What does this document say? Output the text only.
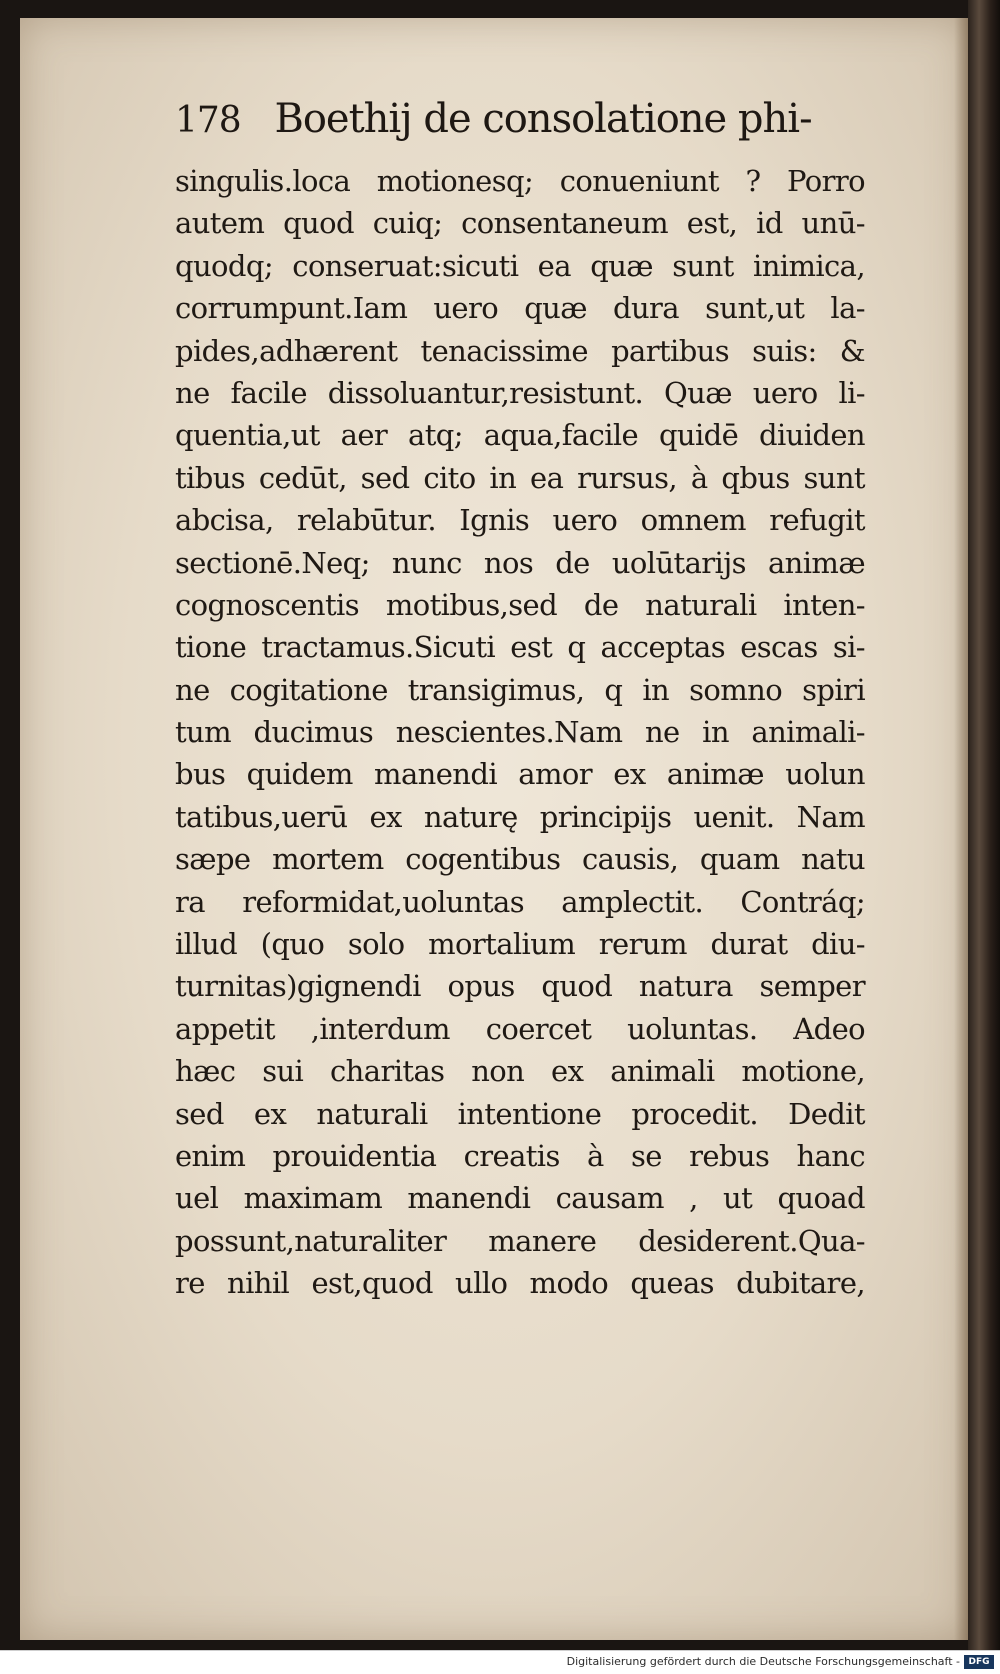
178 Boethij de consolatione phi-
singulis.loca motionesq; conueniunt ? Porro
autem quod cuiq; consentaneum est, id unū-
quodq; conseruat:sicuti ea quæ sunt inimica,
corrumpunt.Iam uero quæ dura sunt,ut la-
pides,adhærent tenacissime partibus suis: &
ne facile dissoluantur,resistunt. Quæ uero li-
quentia,ut aer atq; aqua,facile quidē diuiden
tibus cedūt, sed cito in ea rursus, à qbus sunt
abcisa, relabūtur. Ignis uero omnem refugit
sectionē.Neq; nunc nos de uolūtarijs animæ
cognoscentis motibus,sed de naturali inten-
tione tractamus.Sicuti est q acceptas escas si-
ne cogitatione transigimus, q in somno spiri
tum ducimus nescientes.Nam ne in animali-
bus quidem manendi amor ex animæ uolun
tatibus,uerū ex naturę principijs uenit. Nam
sæpe mortem cogentibus causis, quam natu
ra reformidat,uoluntas amplectit. Contráq;
illud (quo solo mortalium rerum durat diu-
turnitas)gignendi opus quod natura semper
appetit ,interdum coercet uoluntas. Adeo
hæc sui charitas non ex animali motione,
sed ex naturali intentione procedit. Dedit
enim prouidentia creatis à se rebus hanc
uel maximam manendi causam , ut quoad
possunt,naturaliter manere desiderent.Qua-
re nihil est,quod ullo modo queas dubitare,
Digitalisierung gefördert durch die Deutsche Forschungsgemeinschaft - DFG
